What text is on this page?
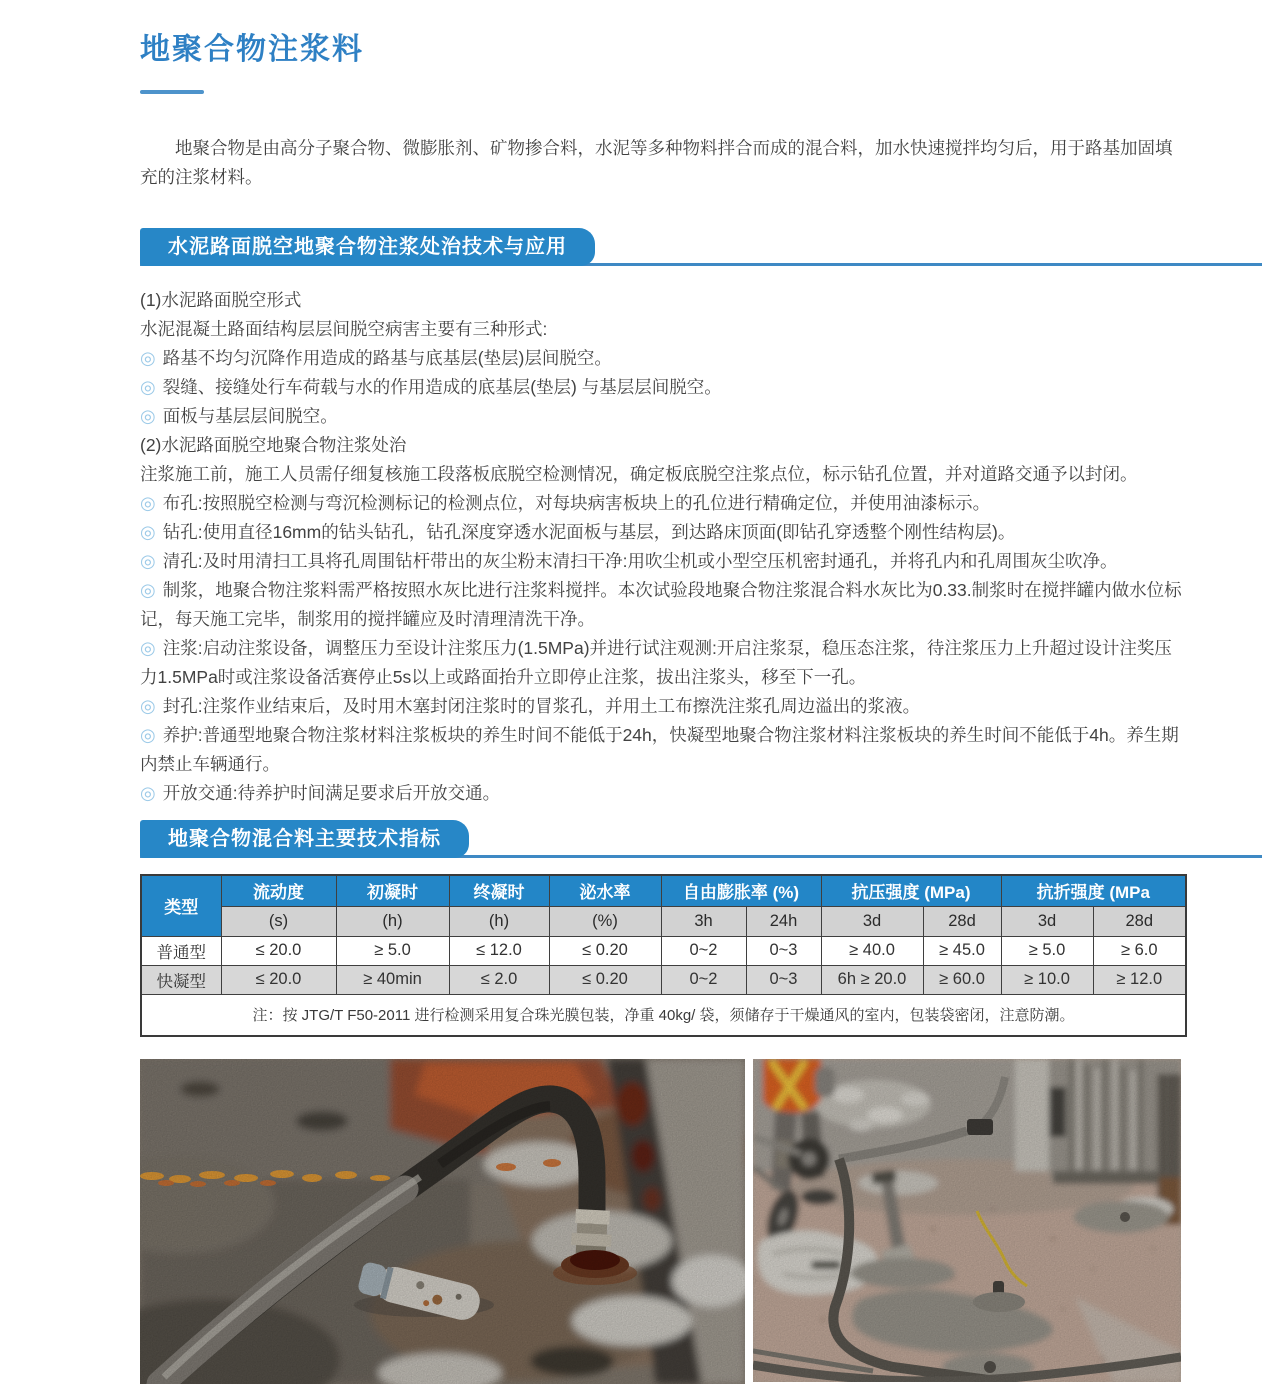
地聚合物注浆料

地聚合物是由高分子聚合物、微膨胀剂、矿物掺合料，水泥等多种物料拌合而成的混合料，加水快速搅拌均匀后，用于路基加固填充的注浆材料。

水泥路面脱空地聚合物注浆处治技术与应用
(1)水泥路面脱空形式
水泥混凝土路面结构层层间脱空病害主要有三种形式:
◎ 路基不均匀沉降作用造成的路基与底基层(垫层)层间脱空。
◎ 裂缝、接缝处行车荷载与水的作用造成的底基层(垫层) 与基层层间脱空。
◎ 面板与基层层间脱空。
(2)水泥路面脱空地聚合物注浆处治
注浆施工前，施工人员需仔细复核施工段落板底脱空检测情况，确定板底脱空注浆点位，标示钻孔位置，并对道路交通予以封闭。
◎ 布孔:按照脱空检测与弯沉检测标记的检测点位，对每块病害板块上的孔位进行精确定位，并使用油漆标示。
◎ 钻孔:使用直径16mm的钻头钻孔，钻孔深度穿透水泥面板与基层，到达路床顶面(即钻孔穿透整个刚性结构层)。
◎ 清孔:及时用清扫工具将孔周围钻杆带出的灰尘粉末清扫干净:用吹尘机或小型空压机密封通孔，并将孔内和孔周围灰尘吹净。
◎ 制浆，地聚合物注浆料需严格按照水灰比进行注浆料搅拌。本次试验段地聚合物注浆混合料水灰比为0.33.制浆时在搅拌罐内做水位标记，每天施工完毕，制浆用的搅拌罐应及时清理清洗干净。
◎ 注浆:启动注浆设备，调整压力至设计注浆压力(1.5MPa)并进行试注观测:开启注浆泵，稳压态注浆，待注浆压力上升超过设计注奖压力1.5MPa时或注浆设备活赛停止5s以上或路面抬升立即停止注浆，拔出注浆头，移至下一孔。
◎ 封孔:注浆作业结束后，及时用木塞封闭注浆时的冒浆孔，并用土工布擦洗注浆孔周边溢出的浆液。
◎ 养护:普通型地聚合物注浆材料注浆板块的养生时间不能低于24h，快凝型地聚合物注浆材料注浆板块的养生时间不能低于4h。养生期内禁止车辆通行。
◎ 开放交通:待养护时间满足要求后开放交通。
地聚合物混合料主要技术指标
类型	流动度	初凝时	终凝时	泌水率	自由膨胀率 (%)		抗压强度 (MPa)		抗折强度 (MPa	
	(s)	(h)	(h)	(%)	3h	24h	3d	28d	3d	28d
普通型	≤ 20.0	≥ 5.0	≤ 12.0	≤ 0.20	0~2	0~3	≥ 40.0	≥ 45.0	≥ 5.0	≥ 6.0
快凝型	≤ 20.0	≥ 40min	≤ 2.0	≤ 0.20	0~2	0~3	6h ≥ 20.0	≥ 60.0	≥ 10.0	≥ 12.0
注：按 JTG/T F50-2011 进行检测采用复合珠光膜包装，净重 40kg/ 袋，须储存于干燥通风的室内，包装袋密闭，注意防潮。										
